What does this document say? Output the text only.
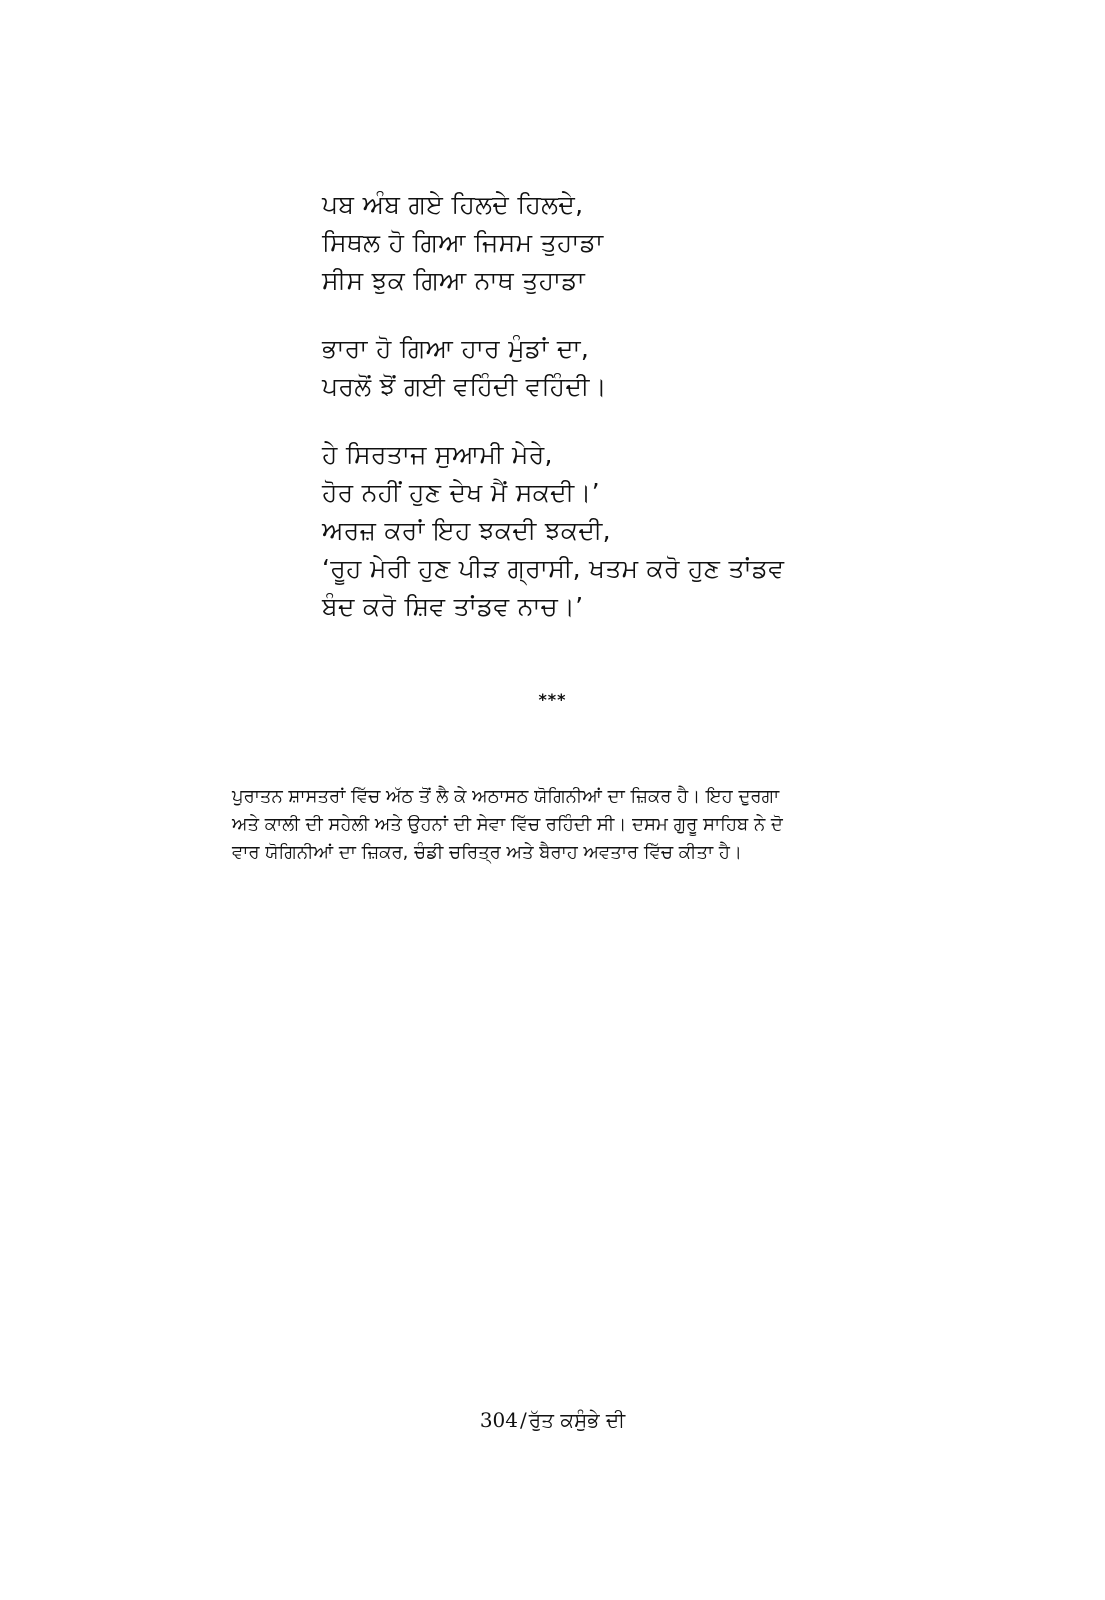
ਪਬ ਅੰਬ ਗਏ ਹਿਲਦੇ ਹਿਲਦੇ,
ਸਿਥਲ ਹੋ ਗਿਆ ਜਿਸਮ ਤੁਹਾਡਾ
ਸੀਸ ਝੁਕ ਗਿਆ ਨਾਥ ਤੁਹਾਡਾ
ਭਾਰਾ ਹੋ ਗਿਆ ਹਾਰ ਮੁੰਡਾਂ ਦਾ,
ਪਰਲੋਂ ਝੋਂ ਗਈ ਵਹਿੰਦੀ ਵਹਿੰਦੀ।
ਹੇ ਸਿਰਤਾਜ ਸੁਆਮੀ ਮੇਰੇ,
ਹੋਰ ਨਹੀਂ ਹੁਣ ਦੇਖ ਮੈਂ ਸਕਦੀ।’
ਅਰਜ਼ ਕਰਾਂ ਇਹ ਝਕਦੀ ਝਕਦੀ,
‘ਰੂਹ ਮੇਰੀ ਹੁਣ ਪੀੜ ਗ੍ਰਾਸੀ, ਖਤਮ ਕਰੋ ਹੁਣ ਤਾਂਡਵ
ਬੰਦ ਕਰੋ ਸ਼ਿਵ ਤਾਂਡਵ ਨਾਚ।’
***
ਪੁਰਾਤਨ ਸ਼ਾਸਤਰਾਂ ਵਿੱਚ ਅੱਠ ਤੋਂ ਲੈ ਕੇ ਅਠਾਸਠ ਯੋਗਿਨੀਆਂ ਦਾ ਜ਼ਿਕਰ ਹੈ। ਇਹ ਦੁਰਗਾ
ਅਤੇ ਕਾਲੀ ਦੀ ਸਹੇਲੀ ਅਤੇ ਉਹਨਾਂ ਦੀ ਸੇਵਾ ਵਿੱਚ ਰਹਿੰਦੀ ਸੀ। ਦਸਮ ਗੁਰੂ ਸਾਹਿਬ ਨੇ ਦੋ
ਵਾਰ ਯੋਗਿਨੀਆਂ ਦਾ ਜ਼ਿਕਰ, ਚੰਡੀ ਚਰਿਤ੍ਰ ਅਤੇ ਬੈਰਾਹ ਅਵਤਾਰ ਵਿੱਚ ਕੀਤਾ ਹੈ।
304 / ਰੁੱਤ ਕਸੁੰਭੇ ਦੀ
